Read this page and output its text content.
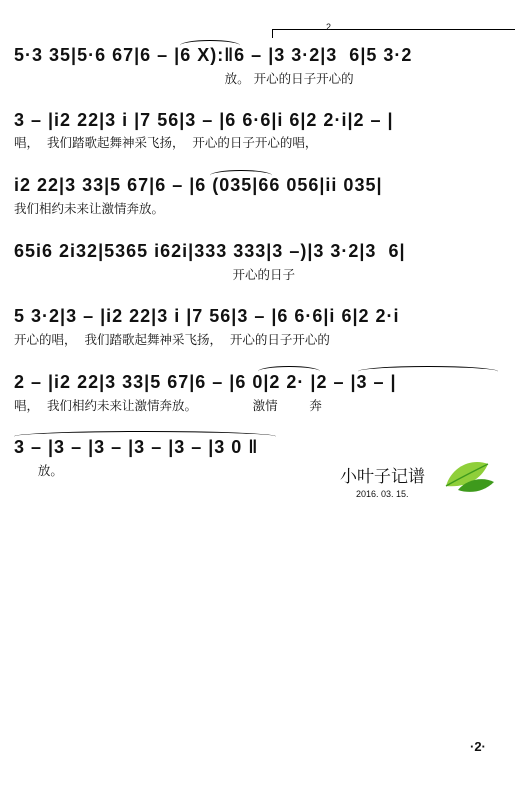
2
5·3 35|5·6 67|6 – |6 X):‖6 – |3 3·2|3  6|5 3·2
放。 开心的日子开心的
3 – |i2 22|3 i |7 56|3 – |6 6·6|i 6|2 2·i|2 – |
唱，  我们踏歌起舞神采飞扬，  开心的日子开心的唱，
i2 22|3 33|5 67|6 – |6 (035|66 056|ii 035|
我们相约未来让激情奔放。
65i6 2i32|5365 i62i|333 333|3 –)|3 3·2|3  6|
开心的日子
5 3·2|3 – |i2 22|3 i |7 56|3 – |6 6·6|i 6|2 2·i
开心的唱，  我们踏歌起舞神采飞扬，  开心的日子开心的
2 – |i2 22|3 33|5 67|6 – |6 0|2 2· |2 – |3 – |
唱，  我们相约未来让激情奔放。              激情        奔
3 – |3 – |3 – |3 – |3 – |3 0 ‖
放。	小叶子记谱
2016. 03. 15.
·2·
